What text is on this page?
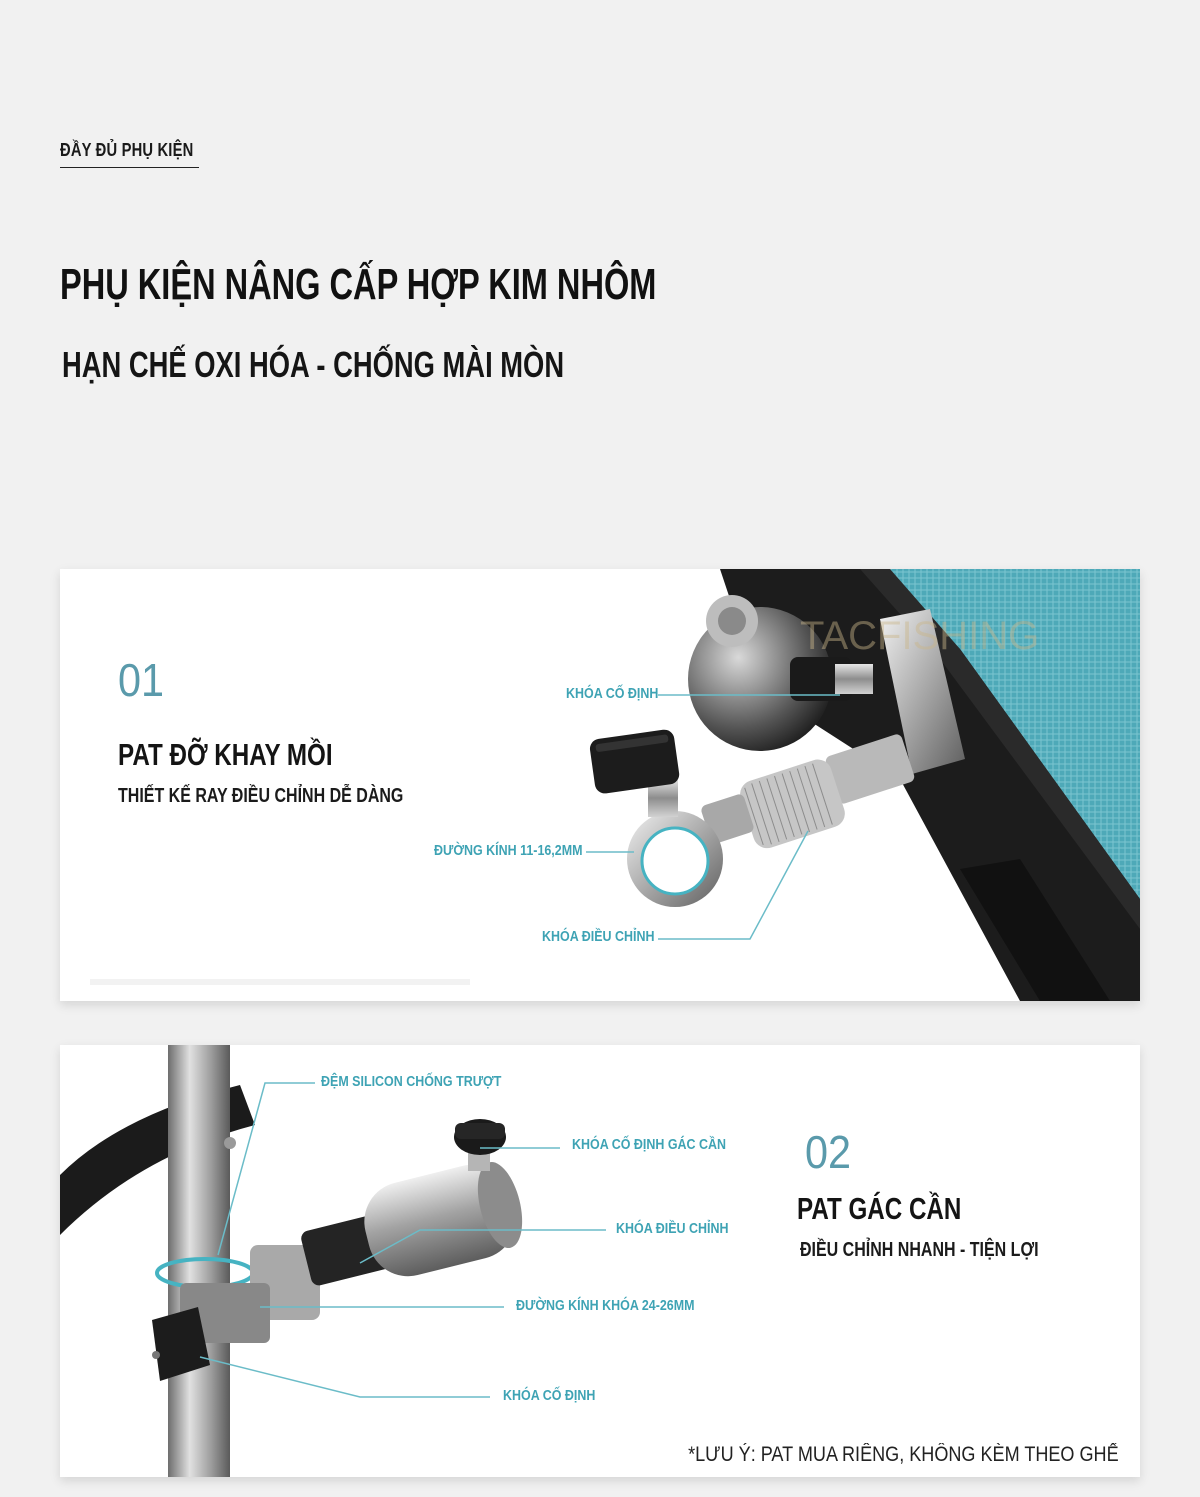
ĐẦY ĐỦ PHỤ KIỆN
PHỤ KIỆN NÂNG CẤP HỢP KIM NHÔM
HẠN CHẾ OXI HÓA - CHỐNG MÀI MÒN
TACFISHING
01
PAT ĐỠ KHAY MỒI
THIẾT KẾ RAY ĐIỀU CHỈNH DỄ DÀNG
KHÓA CỐ ĐỊNH
ĐƯỜNG KÍNH 11-16,2MM
KHÓA ĐIỀU CHỈNH
ĐỆM SILICON CHỐNG TRƯỢT
KHÓA CỐ ĐỊNH GÁC CẦN
KHÓA ĐIỀU CHỈNH
ĐƯỜNG KÍNH KHÓA 24-26MM
KHÓA CỐ ĐỊNH
02
PAT GÁC CẦN
ĐIỀU CHỈNH NHANH - TIỆN LỢI
*LƯU Ý: PAT MUA RIÊNG, KHÔNG KÈM THEO GHẾ
